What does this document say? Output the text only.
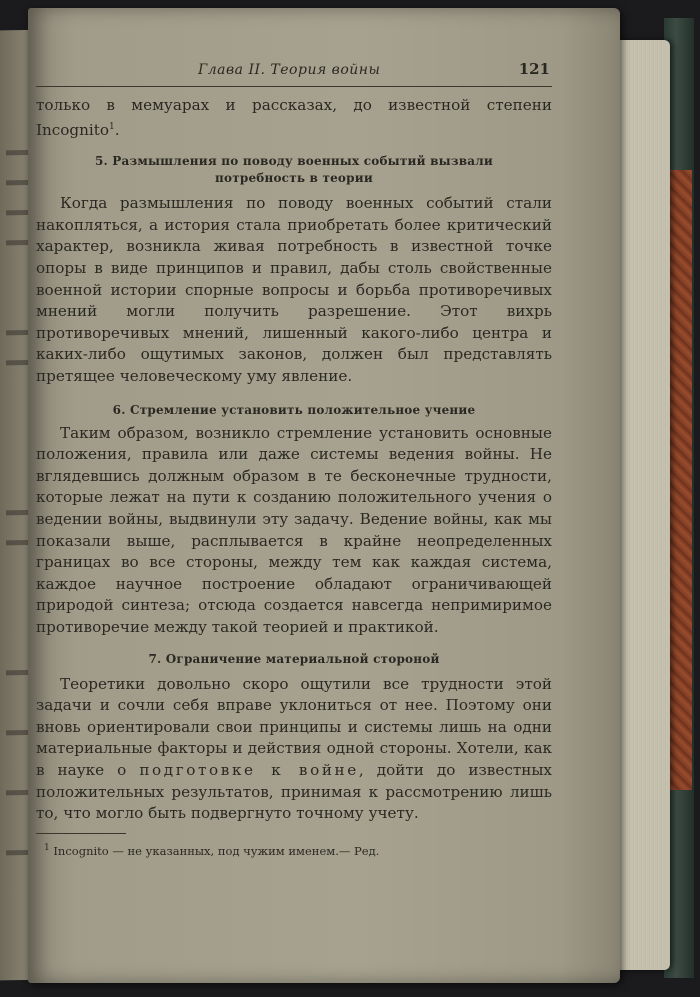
Глава II. Теория войны	121

только в мемуарах и рассказах, до известной степени Incognito$^1$.

5. Размышления по поводу военных событий вызвали потребность в теории

Когда размышления по поводу военных событий стали накопляться, а история стала приобретать более критический характер, возникла живая потребность в известной точке опоры в виде принципов и правил, дабы столь свойственные военной истории спорные вопросы и борьба противоречивых мнений могли получить разрешение. Этот вихрь противоречивых мнений, лишенный какого-либо центра и каких-либо ощутимых законов, должен был представлять претящее человеческому уму явление.

6. Стремление установить положительное учение

Таким образом, возникло стремление установить основные положения, правила или даже системы ведения войны. Не вглядевшись должным образом в те бесконечные трудности, которые лежат на пути к созданию положительного учения о ведении войны, выдвинули эту задачу. Ведение войны, как мы показали выше, расплывается в крайне неопределенных границах во все стороны, между тем как каждая система, каждое научное построение обладают ограничивающей природой синтеза; отсюда создается навсегда непримиримое противоречие между такой теорией и практикой.

7. Ограничение материальной стороной

Теоретики довольно скоро ощутили все трудности этой задачи и сочли себя вправе уклониться от нее. Поэтому они вновь ориентировали свои принципы и системы лишь на одни материальные факторы и действия одной стороны. Хотели, как в науке о подготовке к войне, дойти до известных положительных результатов, принимая к рассмотрению лишь то, что могло быть подвергнуто точному учету.

$^1$ Incognito — не указанных, под чужим именем.— Ред.
